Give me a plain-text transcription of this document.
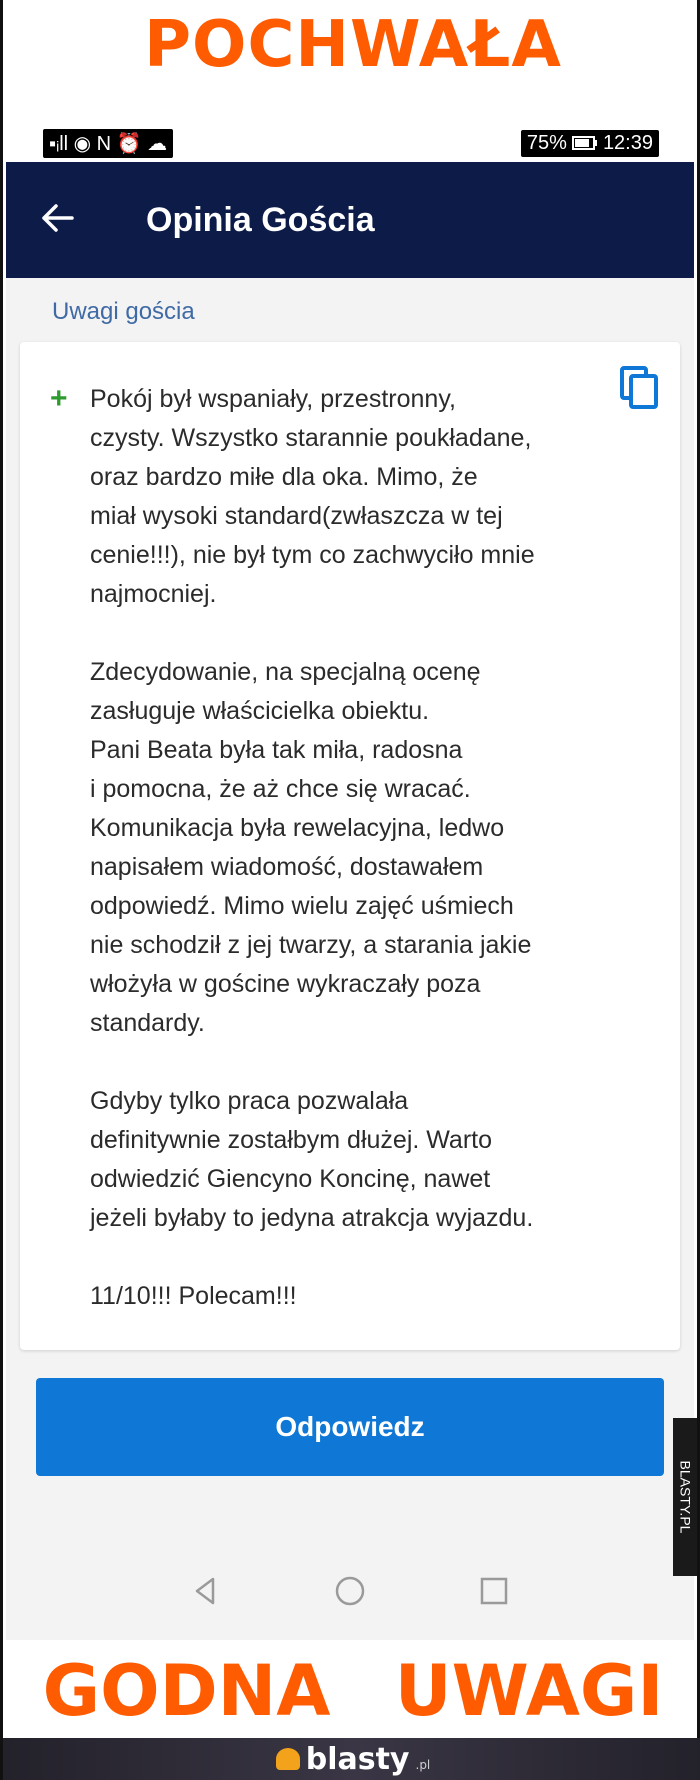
POCHWAŁA
▪ᵢll ◉ N ⏰ ☁	75% 12:39
Opinia Gościa
Uwagi gościa
+ Pokój był wspaniały, przestronny,
czysty. Wszystko starannie poukładane,
oraz bardzo miłe dla oka. Mimo, że
miał wysoki standard(zwłaszcza w tej
cenie!!!), nie był tym co zachwyciło mnie
najmocniej.

Zdecydowanie, na specjalną ocenę
zasługuje właścicielka obiektu.
Pani Beata była tak miła, radosna
i pomocna, że aż chce się wracać.
Komunikacja była rewelacyjna, ledwo
napisałem wiadomość, dostawałem
odpowiedź. Mimo wielu zajęć uśmiech
nie schodził z jej twarzy, a starania jakie
włożyła w gościne wykraczały poza
standardy.

Gdyby tylko praca pozwalała
definitywnie zostałbym dłużej. Warto
odwiedzić Giencyno Koncinę, nawet
jeżeli byłaby to jedyna atrakcja wyjazdu.

11/10!!! Polecam!!!

Odpowiedz
BLASTY.PL
GODNA UWAGI
blasty .pl
